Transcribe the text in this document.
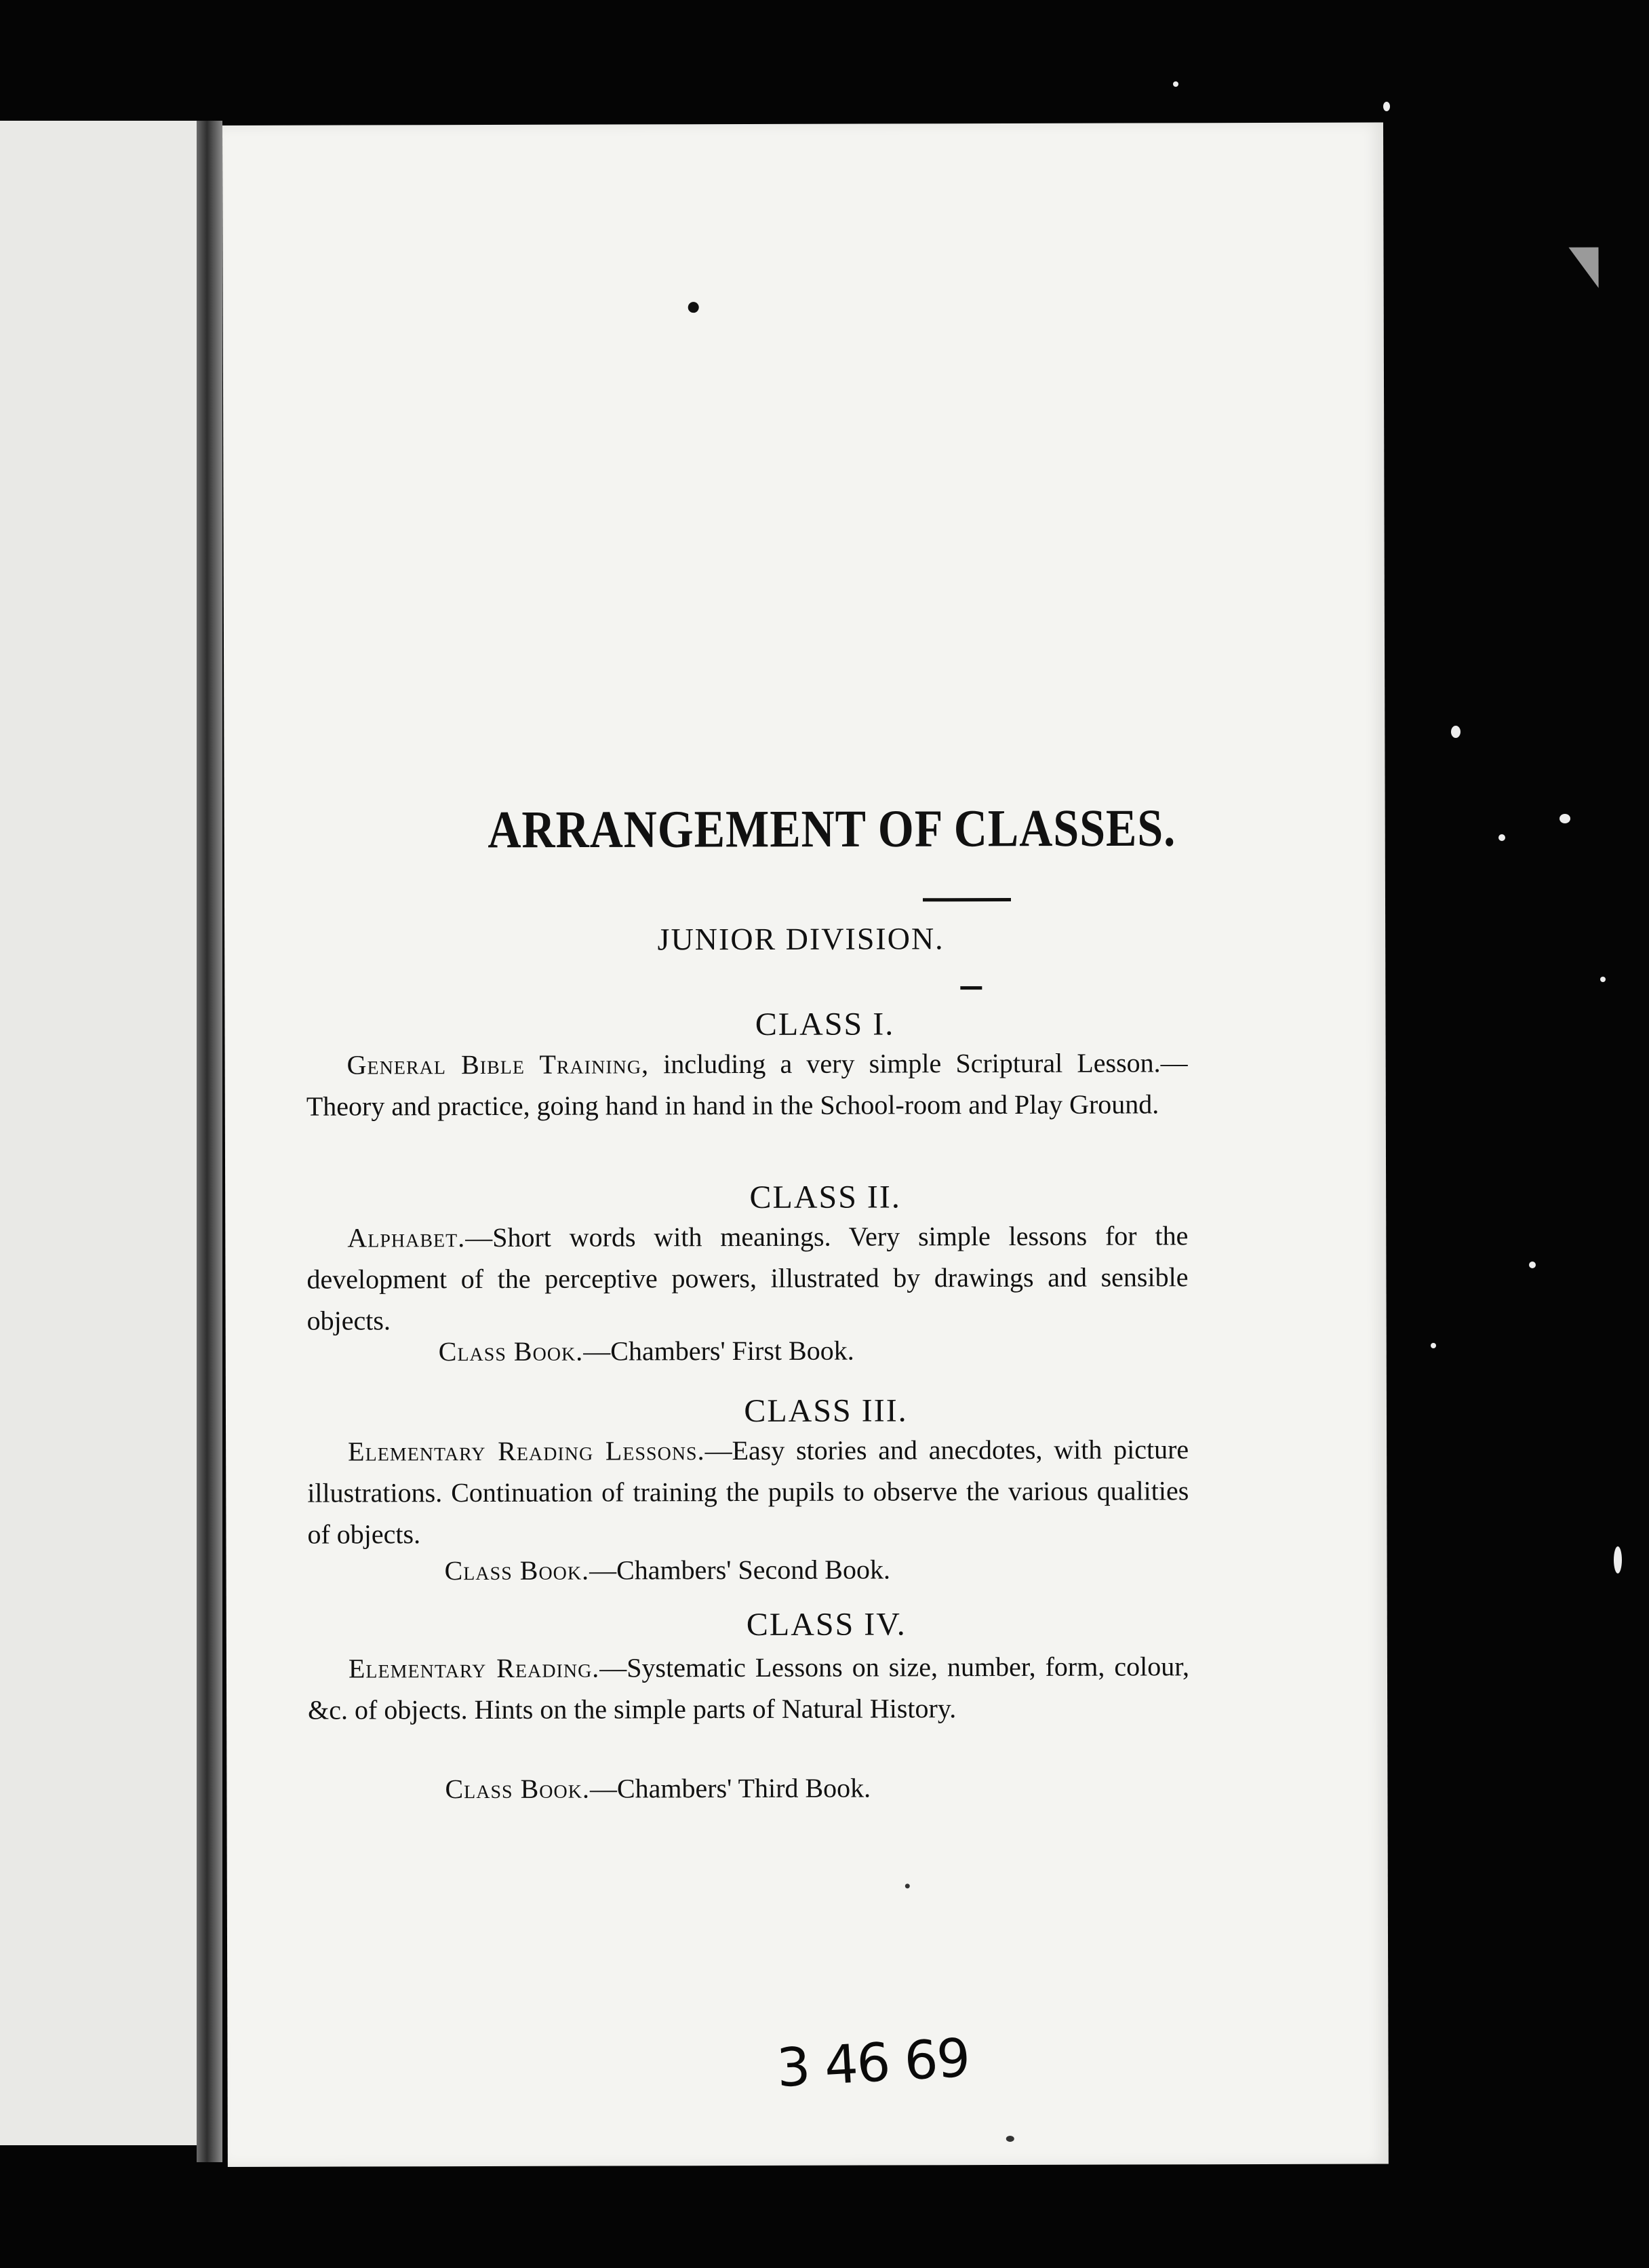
ARRANGEMENT OF CLASSES.
JUNIOR DIVISION.
CLASS I.
  General Bible Training, including a very simple Scriptural Lesson.—Theory and practice, going hand in hand in the School-room and Play Ground.
CLASS II.
  Alphabet.—Short words with meanings. Very simple lessons for the development of the perceptive powers, illustrated by drawings and sensible objects.
Class Book.—Chambers' First Book.
CLASS III.
  Elementary Reading Lessons.—Easy stories and anecdotes, with picture illustrations. Continuation of training the pupils to observe the various qualities of objects.
Class Book.—Chambers' Second Book.
CLASS IV.
  Elementary Reading.—Systematic Lessons on size, number, form, colour, &c. of objects. Hints on the simple parts of Natural History.
Class Book.—Chambers' Third Book.
3 46 69
